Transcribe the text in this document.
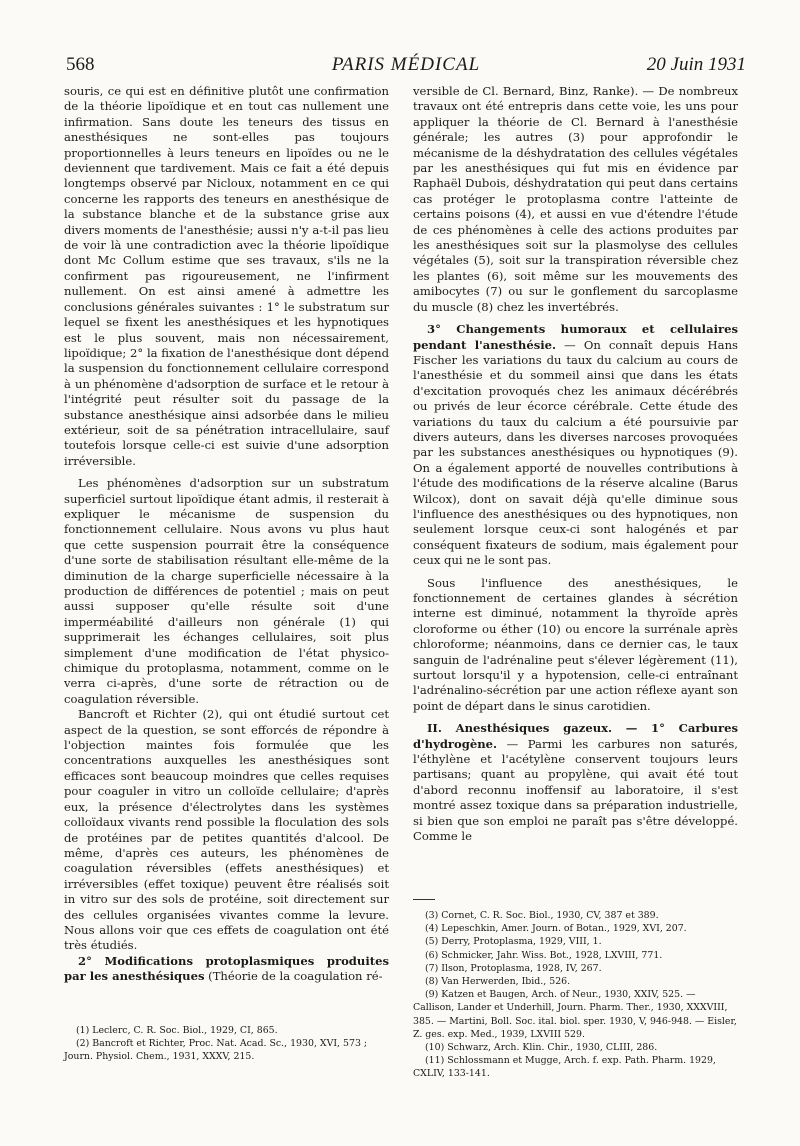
568	PARIS MÉDICAL	20 Juin 1931

souris, ce qui est en définitive plutôt une confirmation de la théorie lipoïdique et en tout cas nullement une infirmation. Sans doute les teneurs des tissus en anesthésiques ne sont-elles pas toujours proportionnelles à leurs teneurs en lipoïdes ou ne le deviennent que tardivement. Mais ce fait a été depuis longtemps observé par Nicloux, notamment en ce qui concerne les rapports des teneurs en anesthésique de la substance blanche et de la substance grise aux divers moments de l'anesthésie; aussi n'y a-t-il pas lieu de voir là une contradiction avec la théorie lipoïdique dont Mc Collum estime que ses travaux, s'ils ne la confirment pas rigoureusement, ne l'infirment nullement. On est ainsi amené à admettre les conclusions générales suivantes : 1° le substratum sur lequel se fixent les anesthésiques et les hypnotiques est le plus souvent, mais non nécessairement, lipoïdique; 2° la fixation de l'anesthésique dont dépend la suspension du fonctionnement cellulaire correspond à un phénomène d'adsorption de surface et le retour à l'intégrité peut résulter soit du passage de la substance anesthésique ainsi adsorbée dans le milieu extérieur, soit de sa pénétration intracellulaire, sauf toutefois lorsque celle-ci est suivie d'une adsorption irréversible.

Les phénomènes d'adsorption sur un substratum superficiel surtout lipoïdique étant admis, il resterait à expliquer le mécanisme de suspension du fonctionnement cellulaire. Nous avons vu plus haut que cette suspension pourrait être la conséquence d'une sorte de stabilisation résultant elle-même de la diminution de la charge superficielle nécessaire à la production de différences de potentiel ; mais on peut aussi supposer qu'elle résulte soit d'une imperméabilité d'ailleurs non générale (1) qui supprimerait les échanges cellulaires, soit plus simplement d'une modification de l'état physico-chimique du protoplasma, notamment, comme on le verra ci-après, d'une sorte de rétraction ou de coagulation réversible.

Bancroft et Richter (2), qui ont étudié surtout cet aspect de la question, se sont efforcés de répondre à l'objection maintes fois formulée que les concentrations auxquelles les anesthésiques sont efficaces sont beaucoup moindres que celles requises pour coaguler in vitro un colloïde cellulaire; d'après eux, la présence d'électrolytes dans les systèmes colloïdaux vivants rend possible la floculation des sols de protéines par de petites quantités d'alcool. De même, d'après ces auteurs, les phénomènes de coagulation réversibles (effets anesthésiques) et irréversibles (effet toxique) peuvent être réalisés soit in vitro sur des sols de protéine, soit directement sur des cellules organisées vivantes comme la levure. Nous allons voir que ces effets de coagulation ont été très étudiés.

2° Modifications protoplasmiques produites par les anesthésiques (Théorie de la coagulation ré-

(1) Leclerc, C. R. Soc. Biol., 1929, CI, 865.

(2) Bancroft et Richter, Proc. Nat. Acad. Sc., 1930, XVI, 573 ; Journ. Physiol. Chem., 1931, XXXV, 215.

versible de Cl. Bernard, Binz, Ranke). — De nombreux travaux ont été entrepris dans cette voie, les uns pour appliquer la théorie de Cl. Bernard à l'anesthésie générale; les autres (3) pour approfondir le mécanisme de la déshydratation des cellules végétales par les anesthésiques qui fut mis en évidence par Raphaël Dubois, déshydratation qui peut dans certains cas protéger le protoplasma contre l'atteinte de certains poisons (4), et aussi en vue d'étendre l'étude de ces phénomènes à celle des actions produites par les anesthésiques soit sur la plasmolyse des cellules végétales (5), soit sur la transpiration réversible chez les plantes (6), soit même sur les mouvements des amibocytes (7) ou sur le gonflement du sarcoplasme du muscle (8) chez les invertébrés.

3° Changements humoraux et cellulaires pendant l'anesthésie. — On connaît depuis Hans Fischer les variations du taux du calcium au cours de l'anesthésie et du sommeil ainsi que dans les états d'excitation provoqués chez les animaux décérébrés ou privés de leur écorce cérébrale. Cette étude des variations du taux du calcium a été poursuivie par divers auteurs, dans les diverses narcoses provoquées par les substances anesthésiques ou hypnotiques (9). On a également apporté de nouvelles contributions à l'étude des modifications de la réserve alcaline (Barus Wilcox), dont on savait déjà qu'elle diminue sous l'influence des anesthésiques ou des hypnotiques, non seulement lorsque ceux-ci sont halogénés et par conséquent fixateurs de sodium, mais également pour ceux qui ne le sont pas.

Sous l'influence des anesthésiques, le fonctionnement de certaines glandes à sécrétion interne est diminué, notamment la thyroïde après cloroforme ou éther (10) ou encore la surrénale après chloroforme; néanmoins, dans ce dernier cas, le taux sanguin de l'adrénaline peut s'élever légèrement (11), surtout lorsqu'il y a hypotension, celle-ci entraînant l'adrénalino-sécrétion par une action réflexe ayant son point de départ dans le sinus carotidien.

II. Anesthésiques gazeux. — 1° Carbures d'hydrogène. — Parmi les carbures non saturés, l'éthylène et l'acétylène conservent toujours leurs partisans; quant au propylène, qui avait été tout d'abord reconnu inoffensif au laboratoire, il s'est montré assez toxique dans sa préparation industrielle, si bien que son emploi ne paraît pas s'être développé. Comme le

(3) Cornet, C. R. Soc. Biol., 1930, CV, 387 et 389.

(4) Lepeschkin, Amer. Journ. of Botan., 1929, XVI, 207.

(5) Derry, Protoplasma, 1929, VIII, 1.

(6) Schmicker, Jahr. Wiss. Bot., 1928, LXVIII, 771.

(7) Ilson, Protoplasma, 1928, IV, 267.

(8) Van Herwerden, Ibid., 526.

(9) Katzen et Baugen, Arch. of Neur., 1930, XXIV, 525. — Callison, Lander et Underhill, Journ. Pharm. Ther., 1930, XXXVIII, 385. — Martini, Boll. Soc. ital. biol. sper. 1930, V, 946-948. — Eisler, Z. ges. exp. Med., 1939, LXVIII 529.

(10) Schwarz, Arch. Klin. Chir., 1930, CLIII, 286.

(11) Schlossmann et Mugge, Arch. f. exp. Path. Pharm. 1929, CXLIV, 133-141.
